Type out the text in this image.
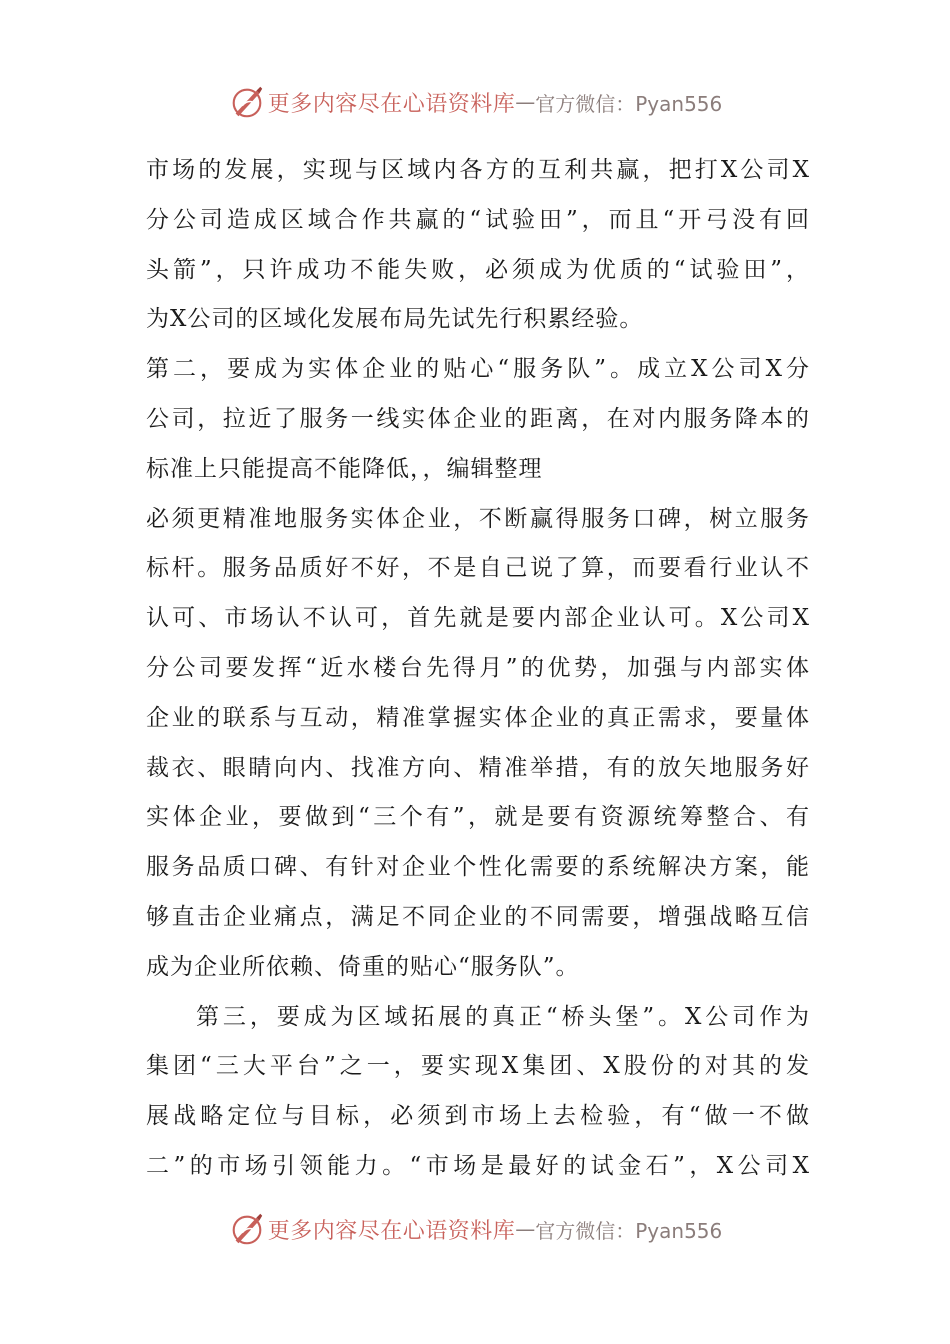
更多内容尽在心语资料库 — 官方微信：Pyan556
市场的发展，实现与区域内各方的互利共赢，把打X公司X
分公司造成区域合作共赢的“试验田”，而且“开弓没有回
头箭”，只许成功不能失败，必须成为优质的“试验田”，
为X公司的区域化发展布局先试先行积累经验。
第二，要成为实体企业的贴心“服务队”。成立X公司X分
公司，拉近了服务一线实体企业的距离，在对内服务降本的
标准上只能提高不能降低，，编辑整理
必须更精准地服务实体企业，不断赢得服务口碑，树立服务
标杆。服务品质好不好，不是自己说了算，而要看行业认不
认可、市场认不认可，首先就是要内部企业认可。X公司X
分公司要发挥“近水楼台先得月”的优势，加强与内部实体
企业的联系与互动，精准掌握实体企业的真正需求，要量体
裁衣、眼睛向内、找准方向、精准举措，有的放矢地服务好
实体企业，要做到“三个有”，就是要有资源统筹整合、有
服务品质口碑、有针对企业个性化需要的系统解决方案，能
够直击企业痛点，满足不同企业的不同需要，增强战略互信
成为企业所依赖、倚重的贴心“服务队”。
第三，要成为区域拓展的真正“桥头堡”。X公司作为
集团“三大平台”之一，要实现X集团、X股份的对其的发
展战略定位与目标，必须到市场上去检验，有“做一不做
二”的市场引领能力。“市场是最好的试金石”，X公司X
更多内容尽在心语资料库 — 官方微信：Pyan556
